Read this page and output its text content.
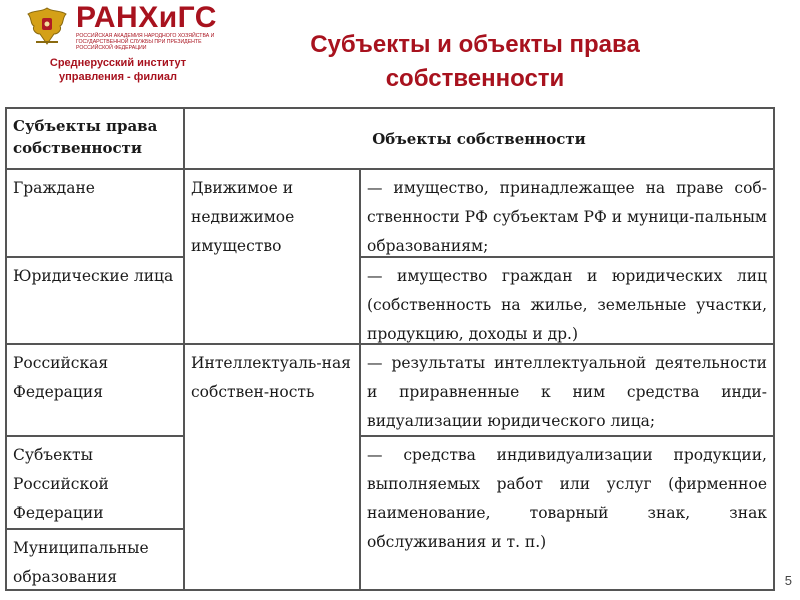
РАНХиГС
РОССИЙСКАЯ АКАДЕМИЯ НАРОДНОГО ХОЗЯЙСТВА И ГОСУДАРСТВЕННОЙ СЛУЖБЫ ПРИ ПРЕЗИДЕНТЕ РОССИЙСКОЙ ФЕДЕРАЦИИ
Среднерусский институт управления - филиал
Субъекты и объекты права собственности
Субъекты права собственности	Объекты собственности
Граждане
Юридические лица
Российская Федерация
Субъекты Российской Федерации
Муниципальные образования
Движимое и недвижимое имущество
Интеллектуаль-ная собствен-ность
— имущество, принадлежащее на праве соб-ственности РФ субъектам РФ и муници-пальным образованиям;
— имущество граждан и юридических лиц (собственность на жилье, земельные участки, продукцию, доходы и др.)
— результаты интеллектуальной деятельности и приравненные к ним средства инди-видуализации юридического лица;
— средства индивидуализации продукции, выполняемых работ или услуг (фирменное наименование, товарный знак, знак обслуживания и т. п.)
5
